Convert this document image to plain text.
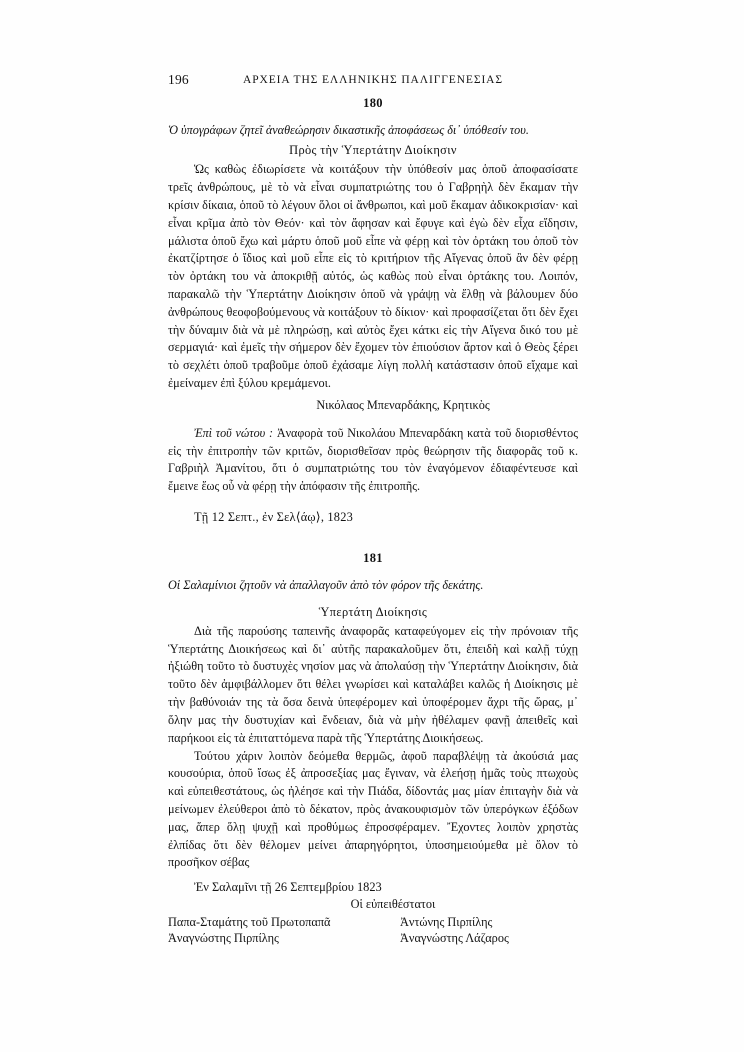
196	ΑΡΧΕΙΑ ΤΗΣ ΕΛΛΗΝΙΚΗΣ ΠΑΛΙΓΓΕΝΕΣΙΑΣ
180
Ὁ ὑπογράφων ζητεῖ ἀναθεώρησιν δικαστικῆς ἀποφάσεως δι᾽ ὑπόθεσίν του.
Πρὸς τὴν Ὑπερτάτην Διοίκησιν

Ὡς καθὼς ἐδιωρίσετε νὰ κοιτάξουν τὴν ὑπόθεσίν μας ὁποῦ ἀποφασίσατε τρεῖς ἀνθρώπους, μὲ τὸ νὰ εἶναι συμπατριώτης του ὁ Γαβρηὴλ δὲν ἔκαμαν τὴν κρίσιν δίκαια, ὁποῦ τὸ λέγουν ὅλοι οἱ ἄνθρωποι, καὶ μοῦ ἔκαμαν ἀδικοκρισίαν· καὶ εἶναι κρῖμα ἀπὸ τὸν Θεόν· καὶ τὸν ἄφησαν καὶ ἔφυγε καὶ ἐγὼ δὲν εἶχα εἴδησιν, μάλιστα ὁποῦ ἔχω καὶ μάρτυ ὁποῦ μοῦ εἶπε νὰ φέρῃ καὶ τὸν ὀρτάκη του ὁποῦ τὸν ἐκατζίρτησε ὁ ἴδιος καὶ μοῦ εἶπε εἰς τὸ κριτήριον τῆς Αἴγενας ὁποῦ ἂν δὲν φέρῃ τὸν ὀρτάκη του νὰ ἀποκριθῇ αὐτός, ὡς καθὼς ποὺ εἶναι ὀρτάκης του. Λοιπόν, παρακαλῶ τὴν Ὑπερτάτην Διοίκησιν ὁποῦ νὰ γράψῃ νὰ ἔλθῃ νὰ βάλουμεν δύο ἀνθρώπους θεοφοβούμενους νὰ κοιτάξουν τὸ δίκιον· καὶ προφασίζεται ὅτι δὲν ἔχει τὴν δύναμιν διὰ νὰ μὲ πληρώσῃ, καὶ αὐτὸς ἔχει κάτκι εἰς τὴν Αἴγενα δικό του μὲ σερμαγιά· καὶ ἐμεῖς τὴν σήμερον δὲν ἔχομεν τὸν ἐπιούσιον ἄρτον καὶ ὁ Θεὸς ξέρει τὸ σεχλέτι ὁποῦ τραβοῦμε ὁποῦ ἐχάσαμε λίγη πολλὴ κατάστασιν ὁποῦ εἴχαμε καὶ ἐμείναμεν ἐπὶ ξύλου κρεμάμενοι.

Νικόλαος Μπεναρδάκης, Κρητικὸς

Ἐπὶ τοῦ νώτου : Ἀναφορὰ τοῦ Νικολάου Μπεναρδάκη κατὰ τοῦ διορισθέντος εἰς τὴν ἐπιτροπὴν τῶν κριτῶν, διορισθεῖσαν πρὸς θεώρησιν τῆς διαφορᾶς τοῦ κ. Γαβριὴλ Ἀμανίτου, ὅτι ὁ συμπατριώτης του τὸν ἐναγόμενον ἐδιαφέντευσε καὶ ἔμεινε ἕως οὗ νὰ φέρῃ τὴν ἀπόφασιν τῆς ἐπιτροπῆς.

Τῇ 12 Σεπτ., ἐν Σελ⟨άῳ⟩, 1823
181
Οἱ Σαλαμίνιοι ζητοῦν νὰ ἀπαλλαγοῦν ἀπὸ τὸν φόρον τῆς δεκάτης.
Ὑπερτάτη Διοίκησις

Διὰ τῆς παρούσης ταπεινῆς ἀναφορᾶς καταφεύγομεν εἰς τὴν πρόνοιαν τῆς Ὑπερτάτης Διοικήσεως καὶ δι᾽ αὐτῆς παρακαλοῦμεν ὅτι, ἐπειδὴ καὶ καλῇ τύχῃ ἠξιώθη τοῦτο τὸ δυστυχὲς νησίον μας νὰ ἀπολαύσῃ τὴν Ὑπερτάτην Διοίκησιν, διὰ τοῦτο δὲν ἀμφιβάλλομεν ὅτι θέλει γνωρίσει καὶ καταλάβει καλῶς ἡ Διοίκησις μὲ τὴν βαθύνοιάν της τὰ ὅσα δεινὰ ὑπεφέρομεν καὶ ὑποφέρομεν ἄχρι τῆς ὥρας, μ᾽ ὅλην μας τὴν δυστυχίαν καὶ ἔνδειαν, διὰ νὰ μὴν ἠθέλαμεν φανῇ ἀπειθεῖς καὶ παρήκοοι εἰς τὰ ἐπιταττόμενα παρὰ τῆς Ὑπερτάτης Διοικήσεως.

Τούτου χάριν λοιπὸν δεόμεθα θερμῶς, ἀφοῦ παραβλέψῃ τὰ ἀκούσιά μας κουσούρια, ὁποῦ ἴσως ἐξ ἀπροσεξίας μας ἔγιναν, νὰ ἐλεήσῃ ἡμᾶς τοὺς πτωχοὺς καὶ εὐπειθεστάτους, ὡς ἠλέησε καὶ τὴν Πιάδα, δίδοντάς μας μίαν ἐπιταγὴν διὰ νὰ μείνωμεν ἐλεύθεροι ἀπὸ τὸ δέκατον, πρὸς ἀνακουφισμὸν τῶν ὑπερόγκων ἐξόδων μας, ἅπερ ὅλῃ ψυχῇ καὶ προθύμως ἐπροσφέραμεν. Ἔχοντες λοιπὸν χρηστὰς ἐλπίδας ὅτι δὲν θέλομεν μείνει ἀπαρηγόρητοι, ὑποσημειούμεθα μὲ ὅλον τὸ προσῆκον σέβας

Ἐν Σαλαμῖνι τῇ 26 Σεπτεμβρίου 1823
Οἱ εὐπειθέστατοι
Παπα-Σταμάτης τοῦ Πρωτοπαπᾶ	Ἀντώνης Πιρπίλης
Ἀναγνώστης Πιρπίλης	Ἀναγνώστης Λάζαρος
